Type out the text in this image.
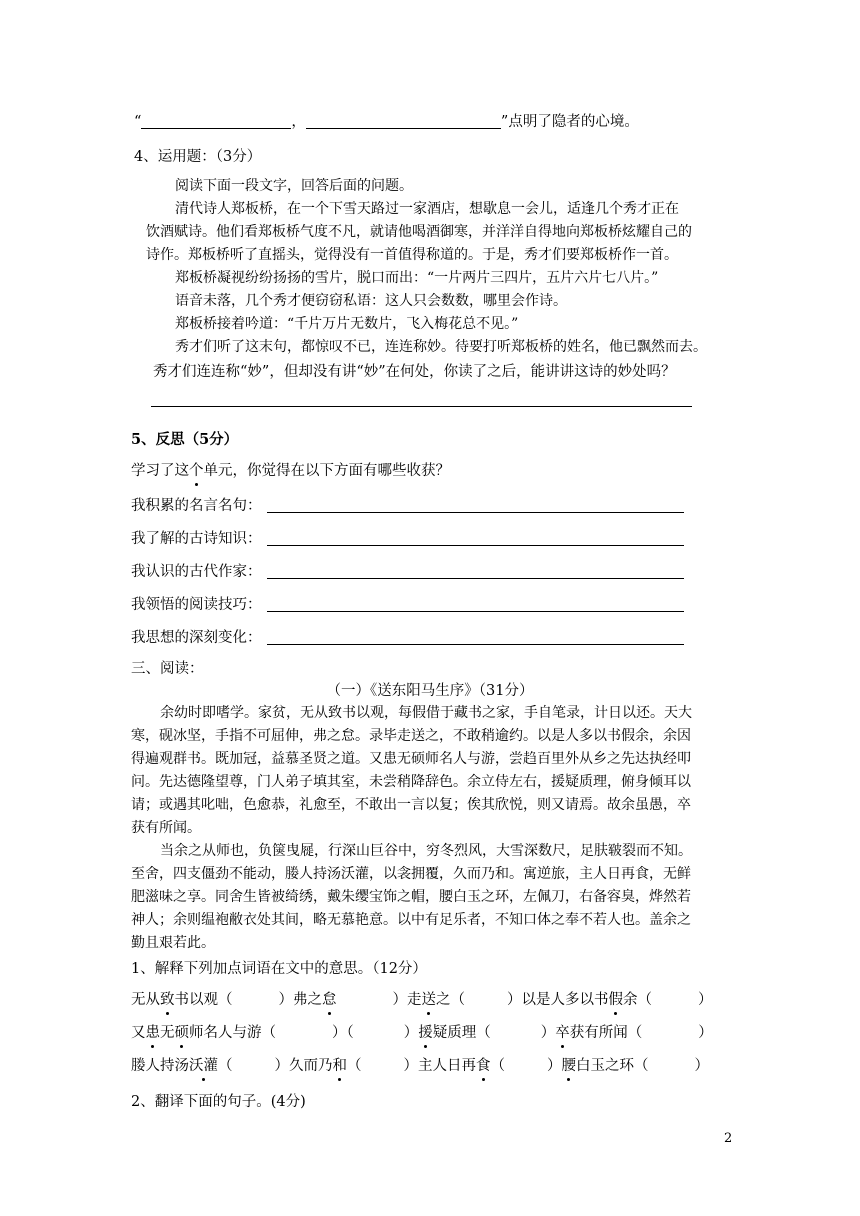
“	，	”点明了隐者的心境。
4、运用题：（3分）
阅读下面一段文字，回答后面的问题。
清代诗人郑板桥，在一个下雪天路过一家酒店，想歇息一会儿，适逢几个秀才正在
饮酒赋诗。他们看郑板桥气度不凡，就请他喝酒御寒，并洋洋自得地向郑板桥炫耀自己的
诗作。郑板桥听了直摇头，觉得没有一首值得称道的。于是，秀才们要郑板桥作一首。
郑板桥凝视纷纷扬扬的雪片，脱口而出：“一片两片三四片，五片六片七八片。”
语音未落，几个秀才便窃窃私语：这人只会数数，哪里会作诗。
郑板桥接着吟道：“千片万片无数片，飞入梅花总不见。”
秀才们听了这末句，都惊叹不已，连连称妙。待要打听郑板桥的姓名，他已飘然而去。
秀才们连连称“妙”，但却没有讲“妙”在何处，你读了之后，能讲讲这诗的妙处吗？
5、反思（5分）
学习了这个单元，你觉得在以下方面有哪些收获？
我积累的名言名句：
我了解的古诗知识：
我认识的古代作家：
我领悟的阅读技巧：
我思想的深刻变化：
三、阅读：
（一）《送东阳马生序》（31分）
余幼时即嗜学。家贫，无从致书以观，每假借于藏书之家，手自笔录，计日以还。天大
寒，砚冰坚，手指不可屈伸，弗之怠。录毕走送之，不敢稍逾约。以是人多以书假余，余因
得遍观群书。既加冠，益慕圣贤之道。又患无硕师名人与游，尝趋百里外从乡之先达执经叩
问。先达德隆望尊，门人弟子填其室，未尝稍降辞色。余立侍左右，援疑质理，俯身倾耳以
请；或遇其叱咄，色愈恭，礼愈至，不敢出一言以复；俟其欣悦，则又请焉。故余虽愚，卒
获有所闻。
当余之从师也，负箧曳屣，行深山巨谷中，穷冬烈风，大雪深数尺，足肤皲裂而不知。
至舍，四支僵劲不能动，媵人持汤沃灌，以衾拥覆，久而乃和。寓逆旅，主人日再食，无鲜
肥滋味之享。同舍生皆被绮绣，戴朱缨宝饰之帽，腰白玉之环，左佩刀，右备容臭，烨然若
神人；余则缊袍敝衣处其间，略无慕艳意。以中有足乐者，不知口体之奉不若人也。盖余之
勤且艰若此。
1、解释下列加点词语在文中的意思。（12分）
无从致书以观（	）弗之怠	）走送之（	）以是人多以书假余（	）
又患无硕师名人与游（	）（	）援疑质理（	）卒获有所闻（	）
媵人持汤沃灌（	）久而乃和（	）主人日再食（	）腰白玉之环（	）
2、翻译下面的句子。(4分)
2
